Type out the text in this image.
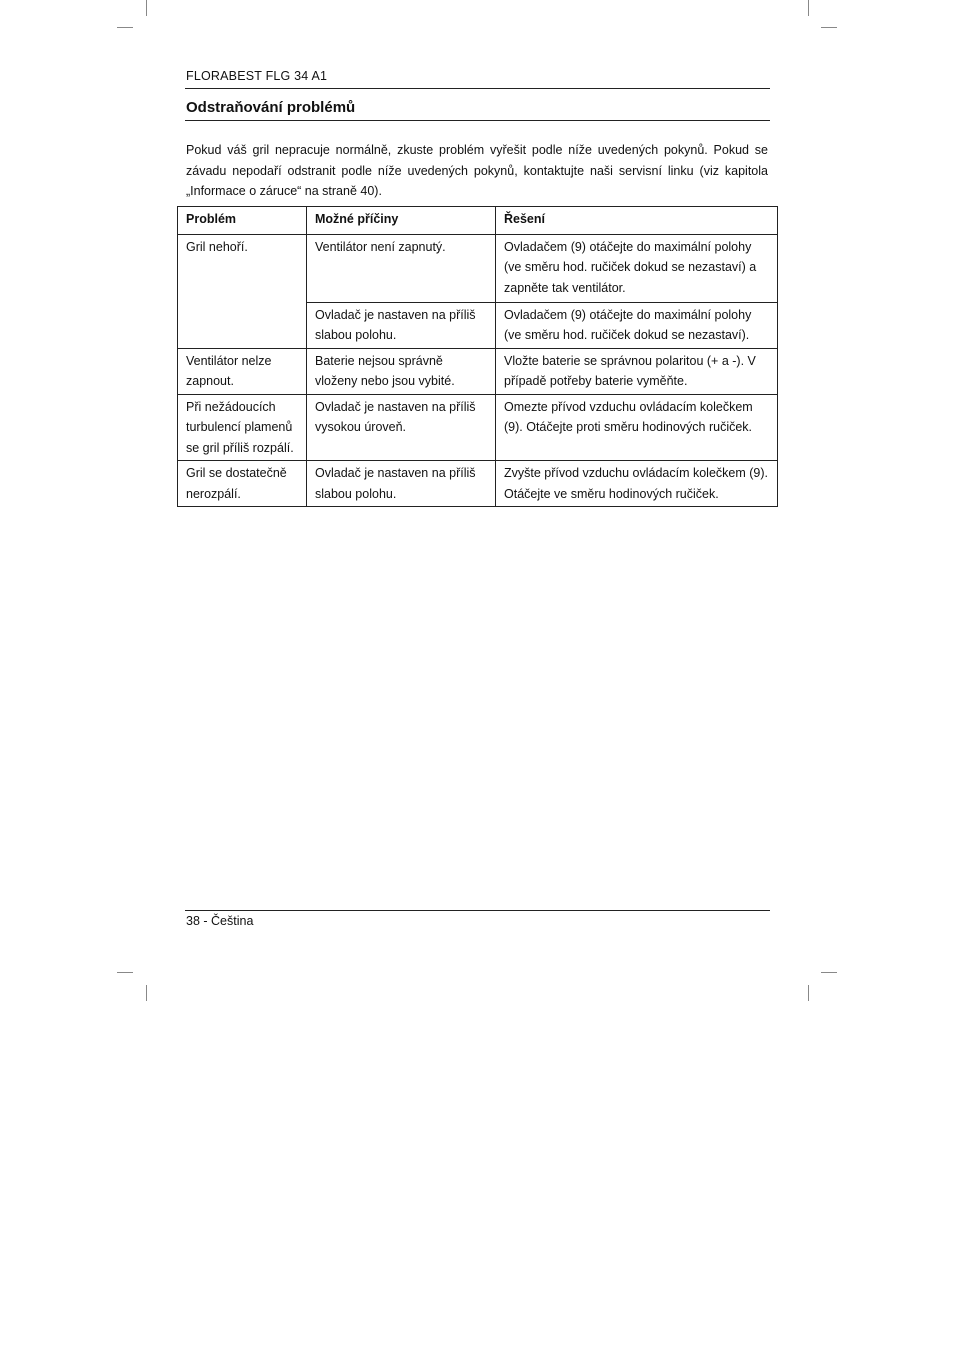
FLORABEST FLG 34 A1
Odstraňování problémů
Pokud váš gril nepracuje normálně, zkuste problém vyřešit podle níže uvedených pokynů. Pokud se závadu nepodaří odstranit podle níže uvedených pokynů, kontaktujte naši servisní linku (viz kapitola „Informace o záruce“ na straně 40).
Problém	Možné příčiny	Řešení
Gril nehoří.	Ventilátor není zapnutý.	Ovladačem (9) otáčejte do maximální polohy (ve směru hod. ručiček dokud se nezastaví) a zapněte tak ventilátor.
	Ovladač je nastaven na příliš slabou polohu.	Ovladačem (9) otáčejte do maximální polohy (ve směru hod. ručiček dokud se nezastaví).
Ventilátor nelze zapnout.	Baterie nejsou správně vloženy nebo jsou vybité.	Vložte baterie se správnou polaritou (+ a -). V případě potřeby baterie vyměňte.
Při nežádoucích turbulencí plamenů se gril příliš rozpálí.	Ovladač je nastaven na příliš vysokou úroveň.	Omezte přívod vzduchu ovládacím kolečkem (9). Otáčejte proti směru hodinových ručiček.
Gril se dostatečně nerozpálí.	Ovladač je nastaven na příliš slabou polohu.	Zvyšte přívod vzduchu ovládacím kolečkem (9). Otáčejte ve směru hodinových ručiček.
38 - Čeština
